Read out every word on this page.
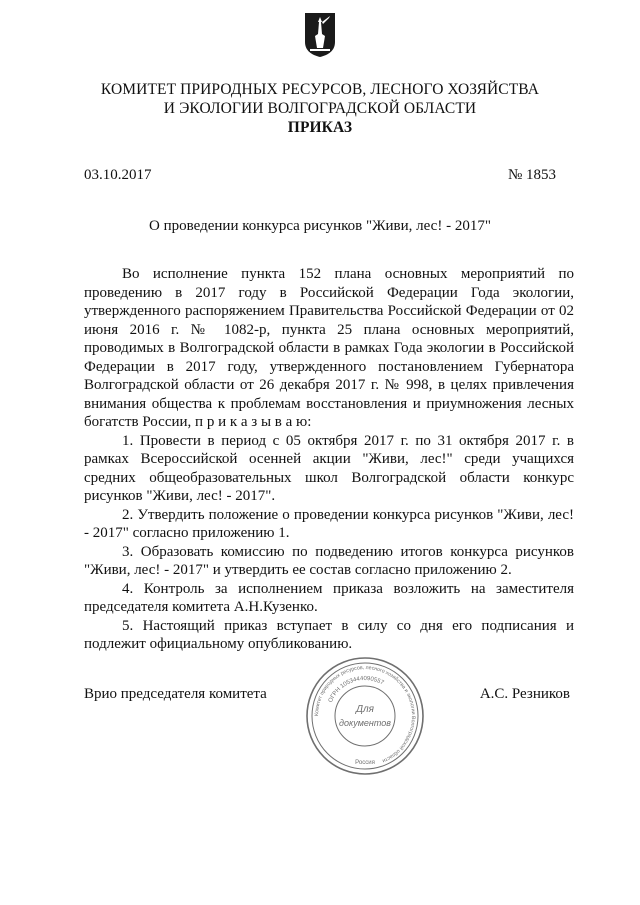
КОМИТЕТ ПРИРОДНЫХ РЕСУРСОВ, ЛЕСНОГО ХОЗЯЙСТВА
И ЭКОЛОГИИ ВОЛГОГРАДСКОЙ ОБЛАСТИ
ПРИКАЗ
03.10.2017	№ 1853
О проведении конкурса рисунков "Живи, лес! - 2017"

Во исполнение пункта 152 плана основных мероприятий по проведению в 2017 году в Российской Федерации Года экологии, утвержденного распоряжением Правительства Российской Федерации от 02 июня 2016 г. № 1082-р, пункта 25 плана основных мероприятий, проводимых в Волгоградской области в рамках Года экологии в Российской Федерации в 2017 году, утвержденного постановлением Губернатора Волгоградской области от 26 декабря 2017 г. № 998, в целях привлечения внимания общества к проблемам восстановления и приумножения лесных богатств России, п р и к а з ы в а ю:

1. Провести в период с 05 октября 2017 г. по 31 октября 2017 г. в рамках Всероссийской осенней акции "Живи, лес!" среди учащихся средних общеобразовательных школ Волгоградской области конкурс рисунков "Живи, лес! - 2017".

2. Утвердить положение о проведении конкурса рисунков "Живи, лес! - 2017" согласно приложению 1.

3. Образовать комиссию по подведению итогов конкурса рисунков "Живи, лес! - 2017" и утвердить ее состав согласно приложению 2.

4. Контроль за исполнением приказа возложить на заместителя председателя комитета А.Н.Кузенко.

5. Настоящий приказ вступает в силу со дня его подписания и подлежит официальному опубликованию.

Врио председателя комитета	А.С. Резников
Комитет природных ресурсов, лесного хозяйства и экологии Волгоградской области
ОГРН 1053444090557
Для
документов
Россия
